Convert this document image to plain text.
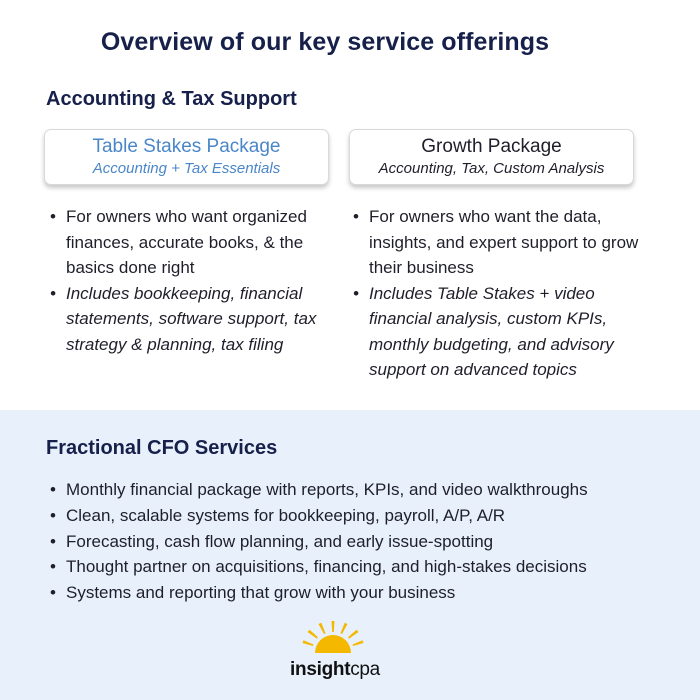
Overview of our key service offerings
Accounting & Tax Support
Table Stakes Package
Accounting + Tax Essentials
Growth Package
Accounting, Tax, Custom Analysis
• For owners who want organized finances, accurate books, & the basics done right
• Includes bookkeeping, financial statements, software support, tax strategy & planning, tax filing
• For owners who want the data, insights, and expert support to grow their business
• Includes Table Stakes + video financial analysis, custom KPIs, monthly budgeting, and advisory support on advanced topics
Fractional CFO Services
• Monthly financial package with reports, KPIs, and video walkthroughs
• Clean, scalable systems for bookkeeping, payroll, A/P, A/R
• Forecasting, cash flow planning, and early issue-spotting
• Thought partner on acquisitions, financing, and high-stakes decisions
• Systems and reporting that grow with your business
insightcpa
